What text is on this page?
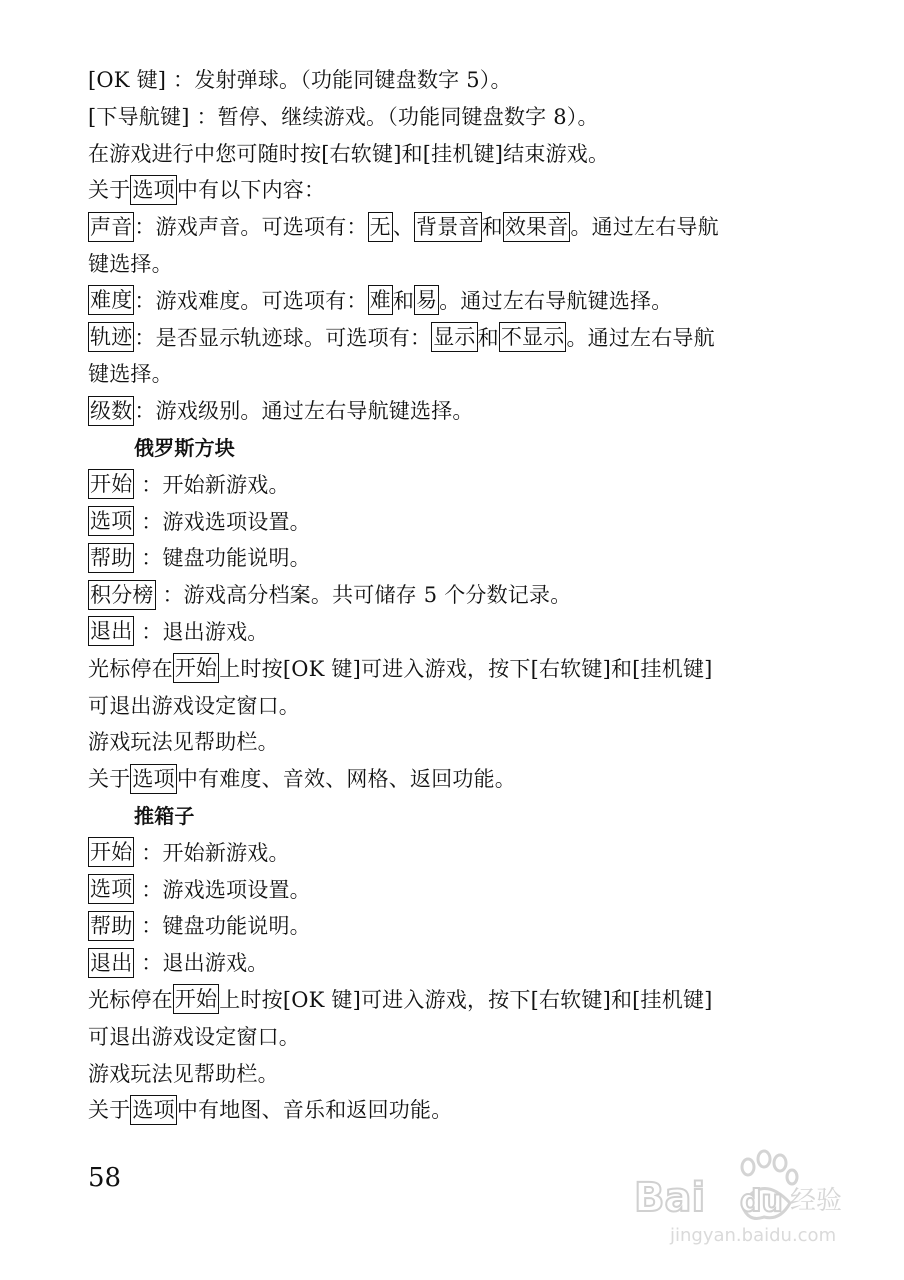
[OK 键] ：发射弹球。（功能同键盘数字 5）。
[下导航键] ：暂停、继续游戏。（功能同键盘数字 8）。
在游戏进行中您可随时按[右软键]和[挂机键]结束游戏。
关于选项中有以下内容：
声音：游戏声音。可选项有：无、背景音和效果音。通过左右导航
键选择。
难度：游戏难度。可选项有：难和易。通过左右导航键选择。
轨迹：是否显示轨迹球。可选项有：显示和不显示。通过左右导航
键选择。
级数：游戏级别。通过左右导航键选择。
俄罗斯方块
开始 ：开始新游戏。
选项 ：游戏选项设置。
帮助 ：键盘功能说明。
积分榜 ：游戏高分档案。共可储存 5 个分数记录。
退出 ：退出游戏。
光标停在开始上时按[OK 键]可进入游戏，按下[右软键]和[挂机键]
可退出游戏设定窗口。
游戏玩法见帮助栏。
关于选项中有难度、音效、网格、返回功能。
推箱子
开始 ：开始新游戏。
选项 ：游戏选项设置。
帮助 ：键盘功能说明。
退出 ：退出游戏。
光标停在开始上时按[OK 键]可进入游戏，按下[右软键]和[挂机键]
可退出游戏设定窗口。
游戏玩法见帮助栏。
关于选项中有地图、音乐和返回功能。
58	Bai du 经验
jingyan.baidu.com
